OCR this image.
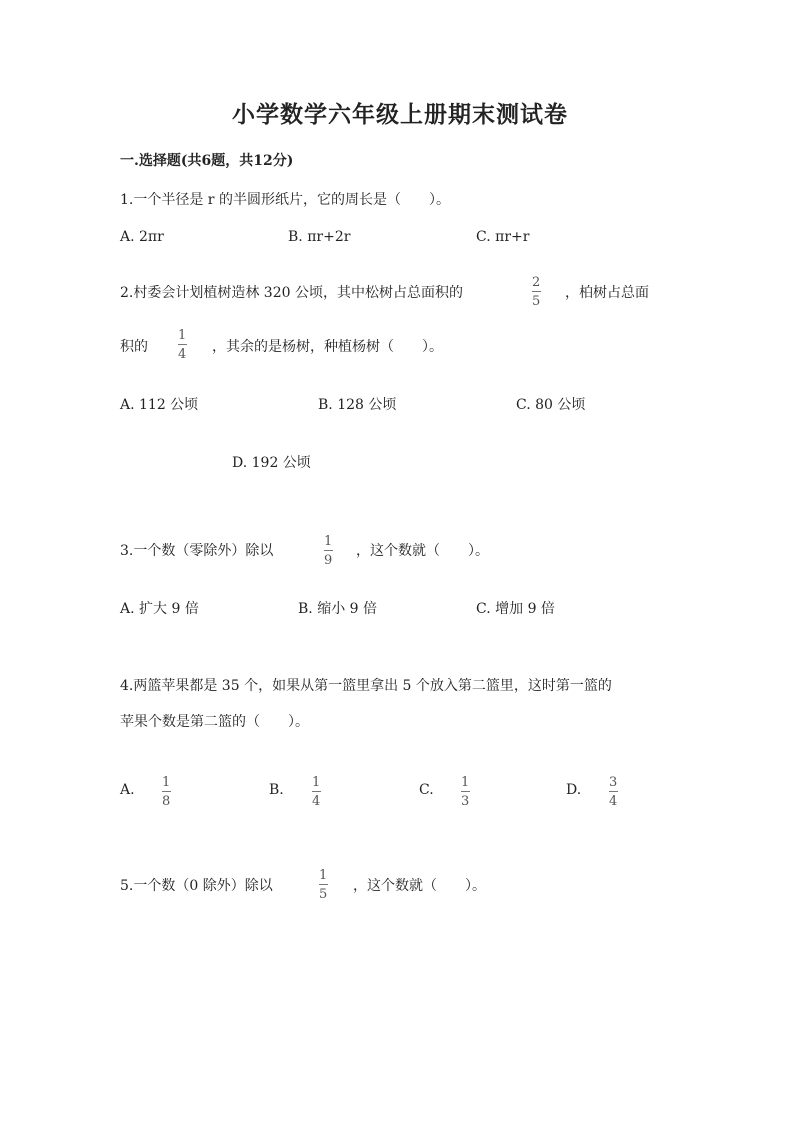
小学数学六年级上册期末测试卷
一.选择题(共6题，共12分)
1.一个半径是 r 的半圆形纸片，它的周长是（　　）。
A. 2πr	B. πr+2r	C. πr+r
2.村委会计划植树造林 320 公顷，其中松树占总面积的
2
5
，柏树占总面
积的
1
4 ，其余的是杨树，种植杨树（　　）。
A. 112 公顷	B. 128 公顷	C. 80 公顷
D. 192 公顷
3.一个数（零除外）除以
1
9
，这个数就（　　）。
A. 扩大 9 倍	B. 缩小 9 倍	C. 增加 9 倍
4.两篮苹果都是 35 个，如果从第一篮里拿出 5 个放入第二篮里，这时第一篮的
苹果个数是第二篮的（　　）。
A. 1
8
B. 1
4
C. 1
3
D. 3
4
5.一个数（0 除外）除以
1
5
，这个数就（　　）。
